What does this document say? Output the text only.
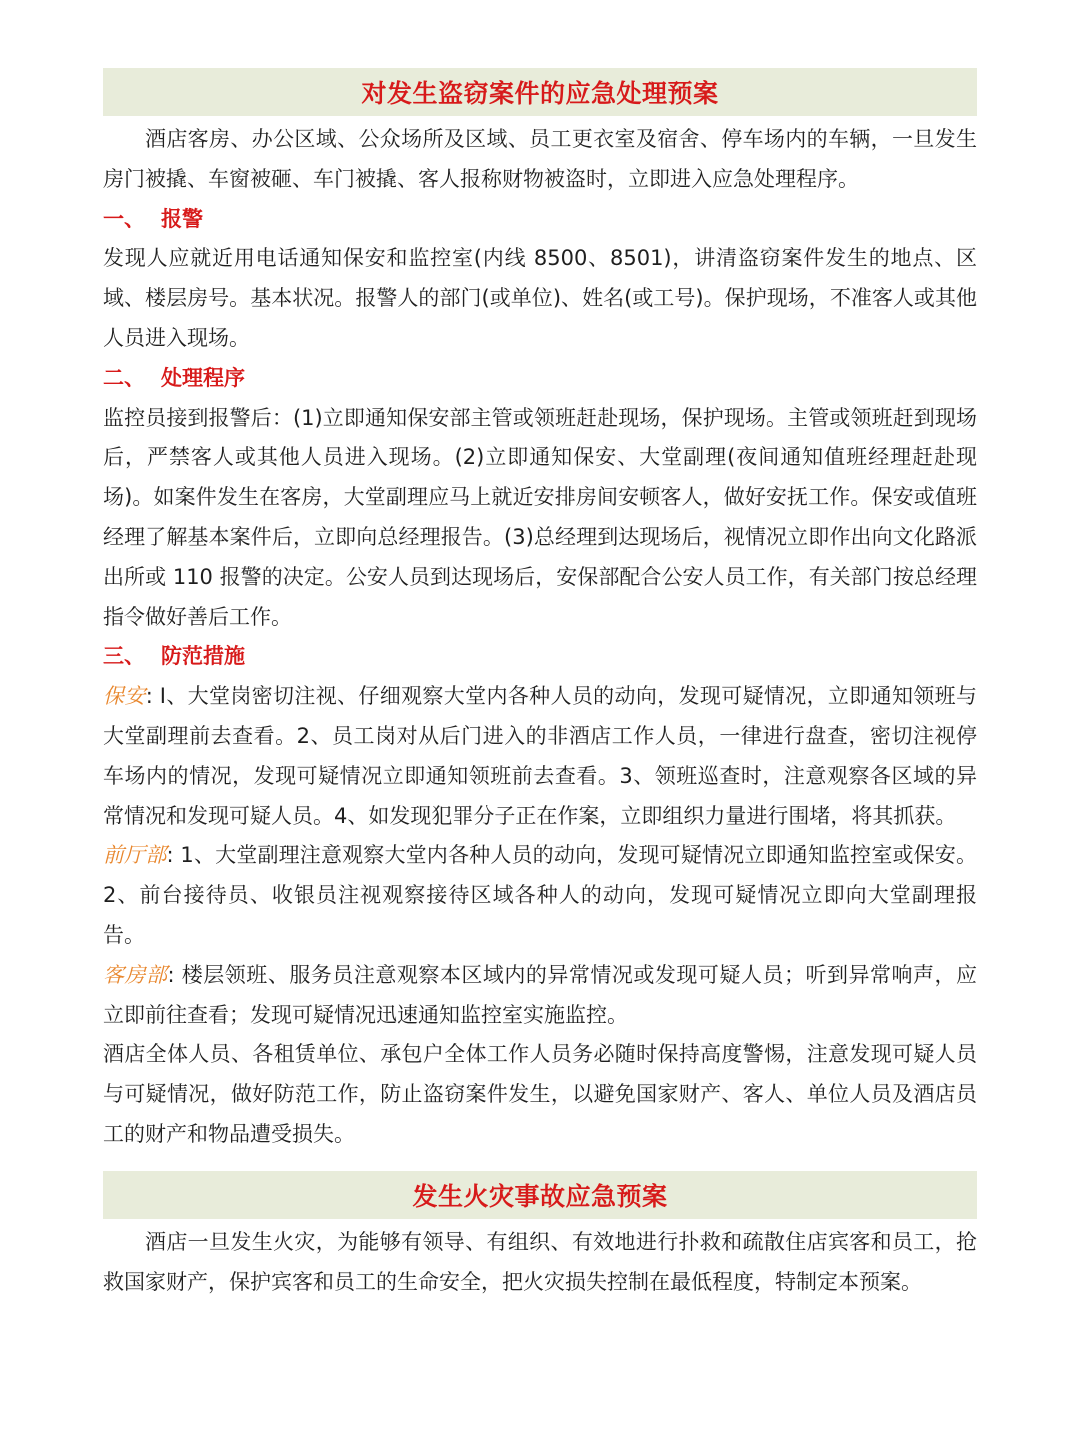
对发生盗窃案件的应急处理预案

酒店客房、办公区域、公众场所及区域、员工更衣室及宿舍、停车场内的车辆，一旦发生房门被撬、车窗被砸、车门被撬、客人报称财物被盗时，立即进入应急处理程序。

一、 报警

发现人应就近用电话通知保安和监控室(内线 8500、8501)，讲清盗窃案件发生的地点、区域、楼层房号。基本状况。报警人的部门(或单位)、姓名(或工号)。保护现场，不准客人或其他人员进入现场。

二、 处理程序

监控员接到报警后：(1)立即通知保安部主管或领班赶赴现场，保护现场。主管或领班赶到现场后，严禁客人或其他人员进入现场。(2)立即通知保安、大堂副理(夜间通知值班经理赶赴现场)。如案件发生在客房，大堂副理应马上就近安排房间安顿客人，做好安抚工作。保安或值班经理了解基本案件后，立即向总经理报告。(3)总经理到达现场后，视情况立即作出向文化路派出所或 110 报警的决定。公安人员到达现场后，安保部配合公安人员工作，有关部门按总经理指令做好善后工作。

三、 防范措施

保安: Ⅰ、大堂岗密切注视、仔细观察大堂内各种人员的动向，发现可疑情况，立即通知领班与大堂副理前去查看。2、员工岗对从后门进入的非酒店工作人员，一律进行盘查，密切注视停车场内的情况，发现可疑情况立即通知领班前去查看。3、领班巡查时，注意观察各区域的异常情况和发现可疑人员。4、如发现犯罪分子正在作案，立即组织力量进行围堵，将其抓获。

前厅部: 1、大堂副理注意观察大堂内各种人员的动向，发现可疑情况立即通知监控室或保安。2、前台接待员、收银员注视观察接待区域各种人的动向，发现可疑情况立即向大堂副理报告。

客房部: 楼层领班、服务员注意观察本区域内的异常情况或发现可疑人员；听到异常响声，应立即前往查看；发现可疑情况迅速通知监控室实施监控。

酒店全体人员、各租赁单位、承包户全体工作人员务必随时保持高度警惕，注意发现可疑人员与可疑情况，做好防范工作，防止盗窃案件发生，以避免国家财产、客人、单位人员及酒店员工的财产和物品遭受损失。

发生火灾事故应急预案

酒店一旦发生火灾，为能够有领导、有组织、有效地进行扑救和疏散住店宾客和员工，抢救国家财产，保护宾客和员工的生命安全，把火灾损失控制在最低程度，特制定本预案。
